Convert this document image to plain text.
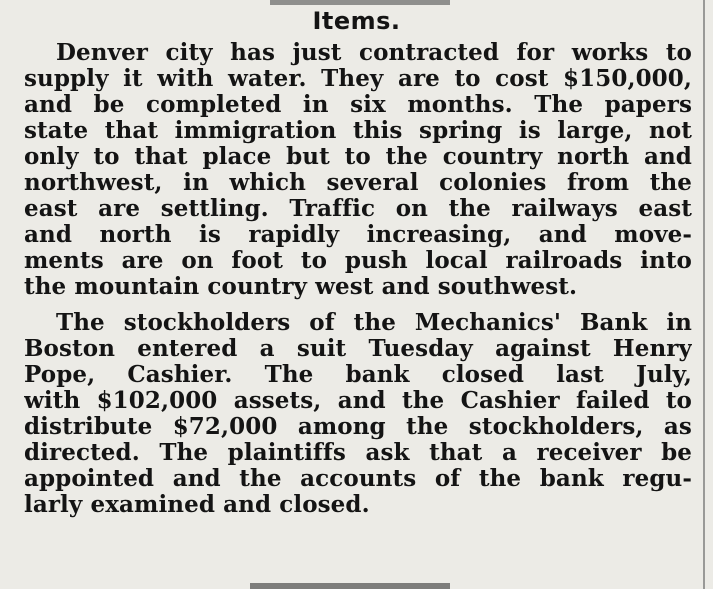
Items.
Denver city has just contracted for works to
supply it with water. They are to cost $150,000,
and be completed in six months. The papers
state that immigration this spring is large, not
only to that place but to the country north and
northwest, in which several colonies from the
east are settling. Traffic on the railways east
and north is rapidly increasing, and move-
ments are on foot to push local railroads into
the mountain country west and southwest.
The stockholders of the Mechanics' Bank in
Boston entered a suit Tuesday against Henry
Pope, Cashier. The bank closed last July,
with $102,000 assets, and the Cashier failed to
distribute $72,000 among the stockholders, as
directed. The plaintiffs ask that a receiver be
appointed and the accounts of the bank regu-
larly examined and closed.
